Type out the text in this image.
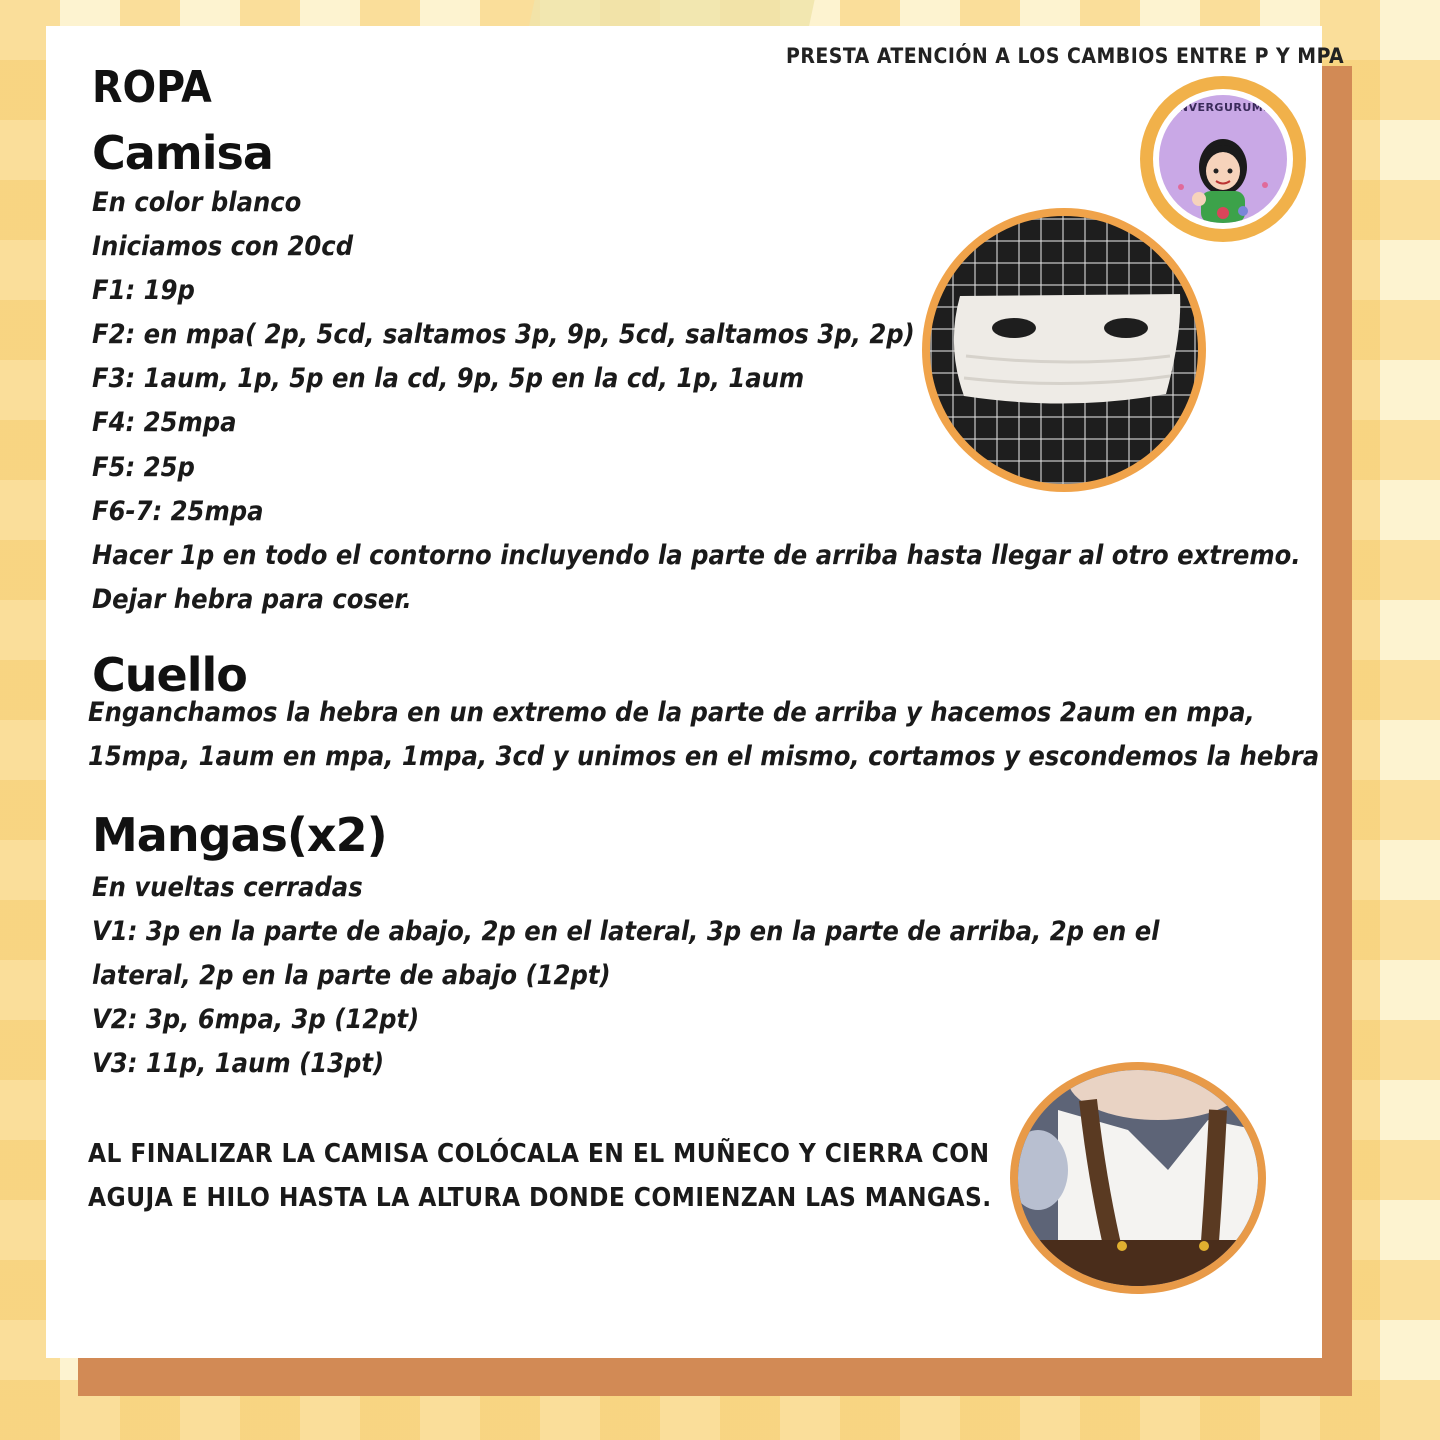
PRESTA ATENCIÓN A LOS CAMBIOS ENTRE P Y MPA
ANVERGURUMIS
ROPA
Camisa
En color blanco
Iniciamos con 20cd
F1: 19p
F2: en mpa( 2p, 5cd, saltamos 3p, 9p, 5cd, saltamos 3p, 2p)
F3: 1aum, 1p, 5p en la cd, 9p, 5p en la cd, 1p, 1aum
F4: 25mpa
F5: 25p
F6-7: 25mpa
Hacer 1p en todo el contorno incluyendo la parte de arriba hasta llegar al otro extremo.
Dejar hebra para coser.
Cuello
Enganchamos la hebra en un extremo de la parte de arriba y hacemos 2aum en mpa,
15mpa, 1aum en mpa, 1mpa, 3cd y unimos en el mismo, cortamos y escondemos la hebra
Mangas(x2)
En vueltas cerradas
V1: 3p en la parte de abajo, 2p en el lateral, 3p en la parte de arriba, 2p en el
lateral, 2p en la parte de abajo (12pt)
V2: 3p, 6mpa, 3p (12pt)
V3: 11p, 1aum (13pt)
AL FINALIZAR LA CAMISA COLÓCALA EN EL MUÑECO Y CIERRA CON
AGUJA E HILO HASTA LA ALTURA DONDE COMIENZAN LAS MANGAS.
